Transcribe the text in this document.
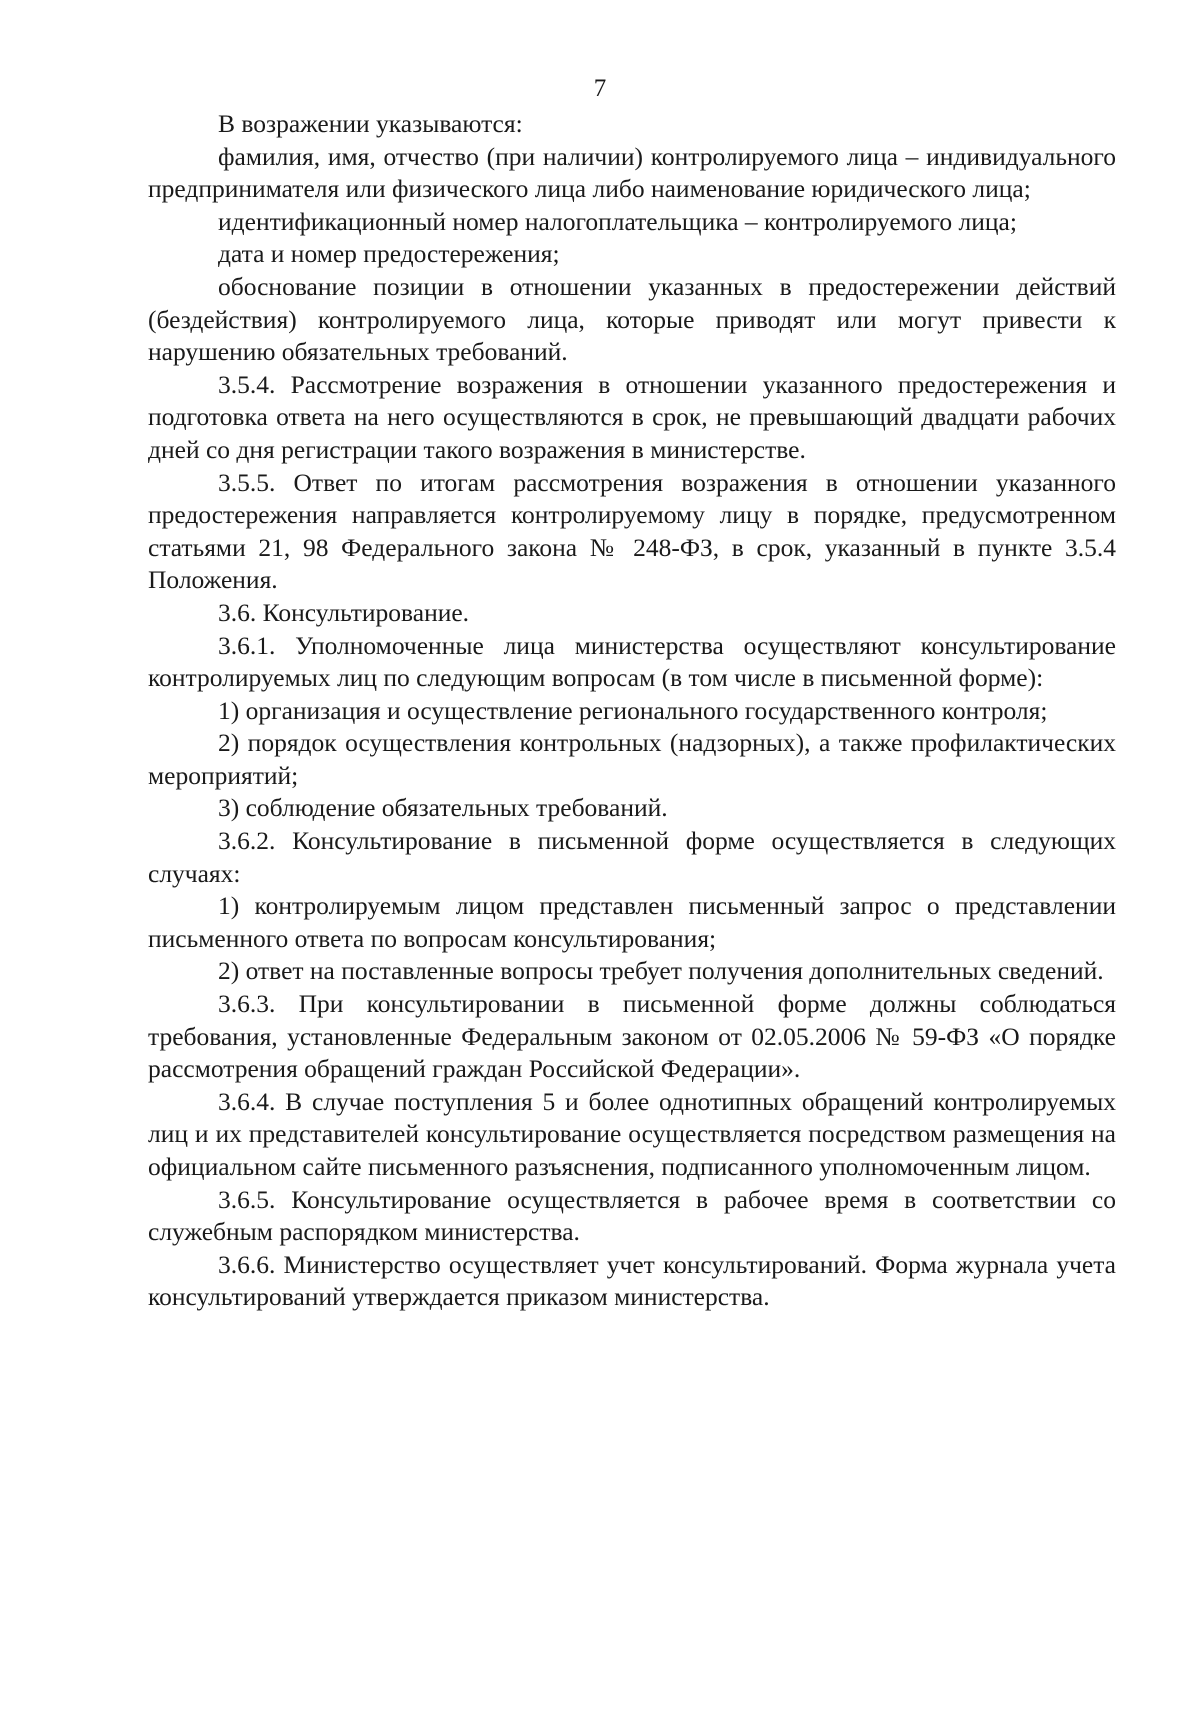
7

В возражении указываются:

фамилия, имя, отчество (при наличии) контролируемого лица – индивидуального предпринимателя или физического лица либо наименование юридического лица;

идентификационный номер налогоплательщика – контролируемого лица;

дата и номер предостережения;

обоснование позиции в отношении указанных в предостережении действий (бездействия) контролируемого лица, которые приводят или могут привести к нарушению обязательных требований.

3.5.4. Рассмотрение возражения в отношении указанного предостережения и подготовка ответа на него осуществляются в срок, не превышающий двадцати рабочих дней со дня регистрации такого возражения в министерстве.

3.5.5. Ответ по итогам рассмотрения возражения в отношении указанного предостережения направляется контролируемому лицу в порядке, предусмотренном статьями 21, 98 Федерального закона № 248-ФЗ, в срок, указанный в пункте 3.5.4 Положения.

3.6. Консультирование.

3.6.1. Уполномоченные лица министерства осуществляют консультирование контролируемых лиц по следующим вопросам (в том числе в письменной форме):

1) организация и осуществление регионального государственного контроля;

2) порядок осуществления контрольных (надзорных), а также профилактических мероприятий;

3) соблюдение обязательных требований.

3.6.2. Консультирование в письменной форме осуществляется в следующих случаях:

1) контролируемым лицом представлен письменный запрос о представлении письменного ответа по вопросам консультирования;

2) ответ на поставленные вопросы требует получения дополнительных сведений.

3.6.3. При консультировании в письменной форме должны соблюдаться требования, установленные Федеральным законом от 02.05.2006 № 59-ФЗ «О порядке рассмотрения обращений граждан Российской Федерации».

3.6.4. В случае поступления 5 и более однотипных обращений контролируемых лиц и их представителей консультирование осуществляется посредством размещения на официальном сайте письменного разъяснения, подписанного уполномоченным лицом.

3.6.5. Консультирование осуществляется в рабочее время в соответствии со служебным распорядком министерства.

3.6.6. Министерство осуществляет учет консультирований. Форма журнала учета консультирований утверждается приказом министерства.
